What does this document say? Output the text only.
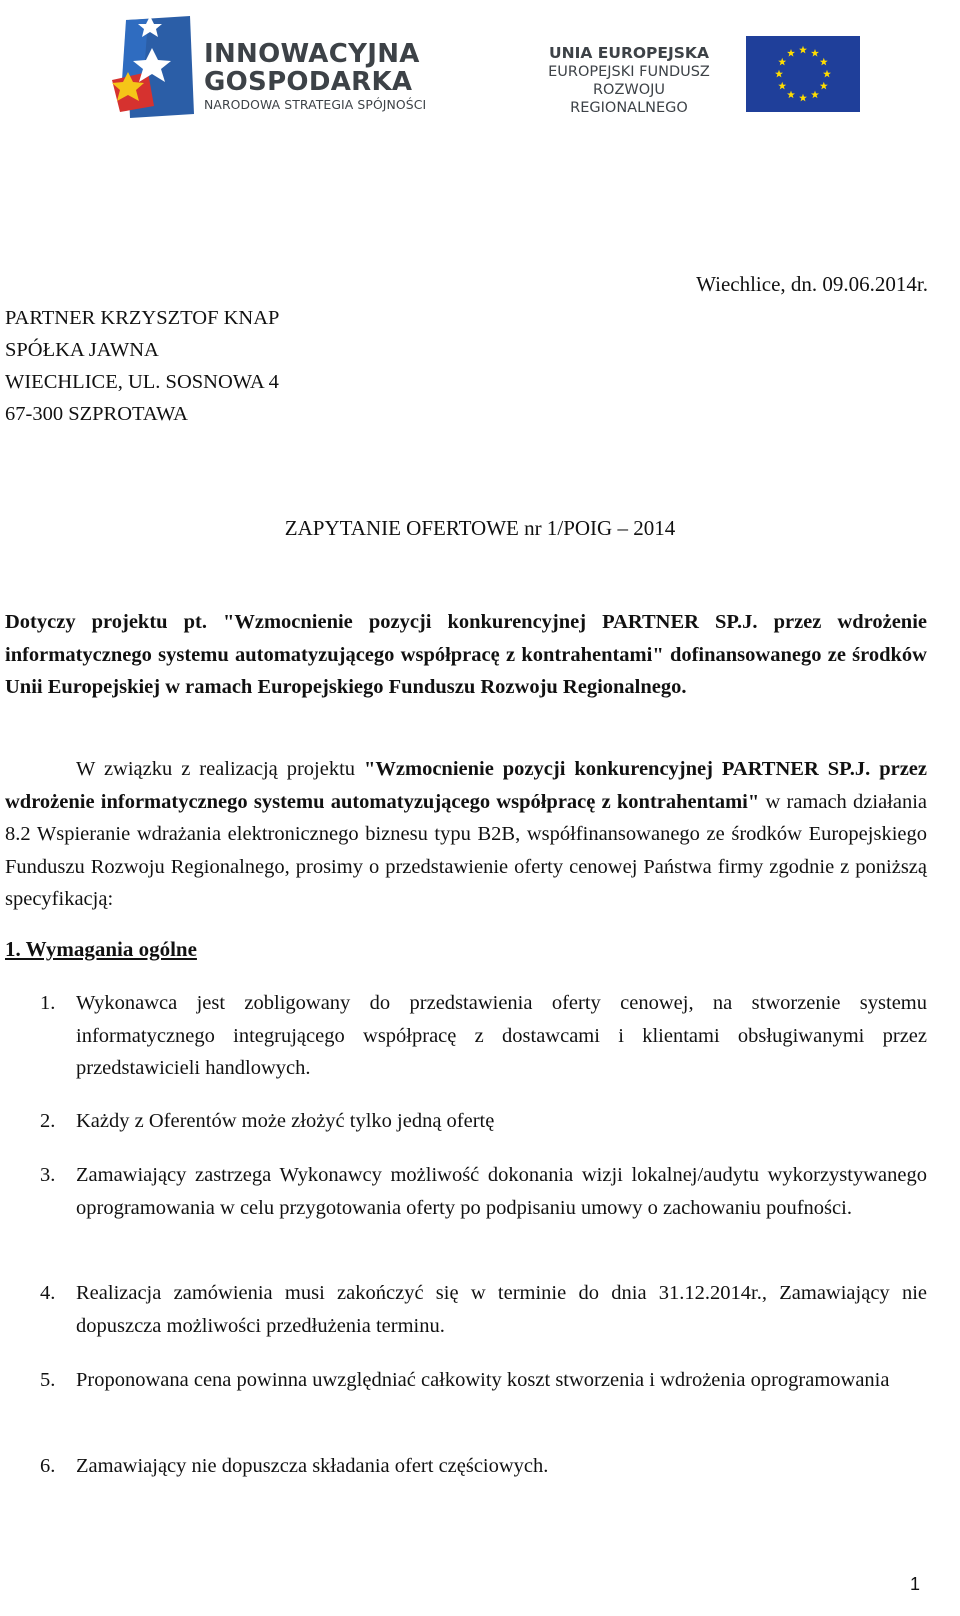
INNOWACYJNA
GOSPODARKA
NARODOWA STRATEGIA SPÓJNOŚCI
UNIA EUROPEJSKA
EUROPEJSKI FUNDUSZ
ROZWOJU REGIONALNEGO
Wiechlice, dn. 09.06.2014r.
PARTNER KRZYSZTOF KNAP
SPÓŁKA JAWNA
WIECHLICE, UL. SOSNOWA 4
67-300 SZPROTAWA
ZAPYTANIE OFERTOWE nr 1/POIG – 2014

Dotyczy projektu pt. "Wzmocnienie pozycji konkurencyjnej PARTNER SP.J. przez wdrożenie informatycznego systemu automatyzującego współpracę z kontrahentami" dofinansowanego ze środków Unii Europejskiej w ramach Europejskiego Funduszu Rozwoju Regionalnego.

W związku z realizacją projektu "Wzmocnienie pozycji konkurencyjnej PARTNER SP.J. przez wdrożenie informatycznego systemu automatyzującego współpracę z kontrahentami" w ramach działania 8.2 Wspieranie wdrażania elektronicznego biznesu typu B2B, współfinansowanego ze środków Europejskiego Funduszu Rozwoju Regionalnego, prosimy o przedstawienie oferty cenowej Państwa firmy zgodnie z poniższą specyfikacją:

1. Wymagania ogólne
1.	Wykonawca jest zobligowany do przedstawienia oferty cenowej, na stworzenie systemu informatycznego integrującego współpracę z dostawcami i klientami obsługiwanymi przez przedstawicieli handlowych.
2.	Każdy z Oferentów może złożyć tylko jedną ofertę
3.	Zamawiający zastrzega Wykonawcy możliwość dokonania wizji lokalnej/audytu wykorzystywanego oprogramowania w celu przygotowania oferty po podpisaniu umowy o zachowaniu poufności.
4.	Realizacja zamówienia musi zakończyć się w terminie do dnia 31.12.2014r., Zamawiający nie dopuszcza możliwości przedłużenia terminu.
5.	Proponowana cena powinna uwzględniać całkowity koszt stworzenia i wdrożenia oprogramowania
6.	Zamawiający nie dopuszcza składania ofert częściowych.
1
